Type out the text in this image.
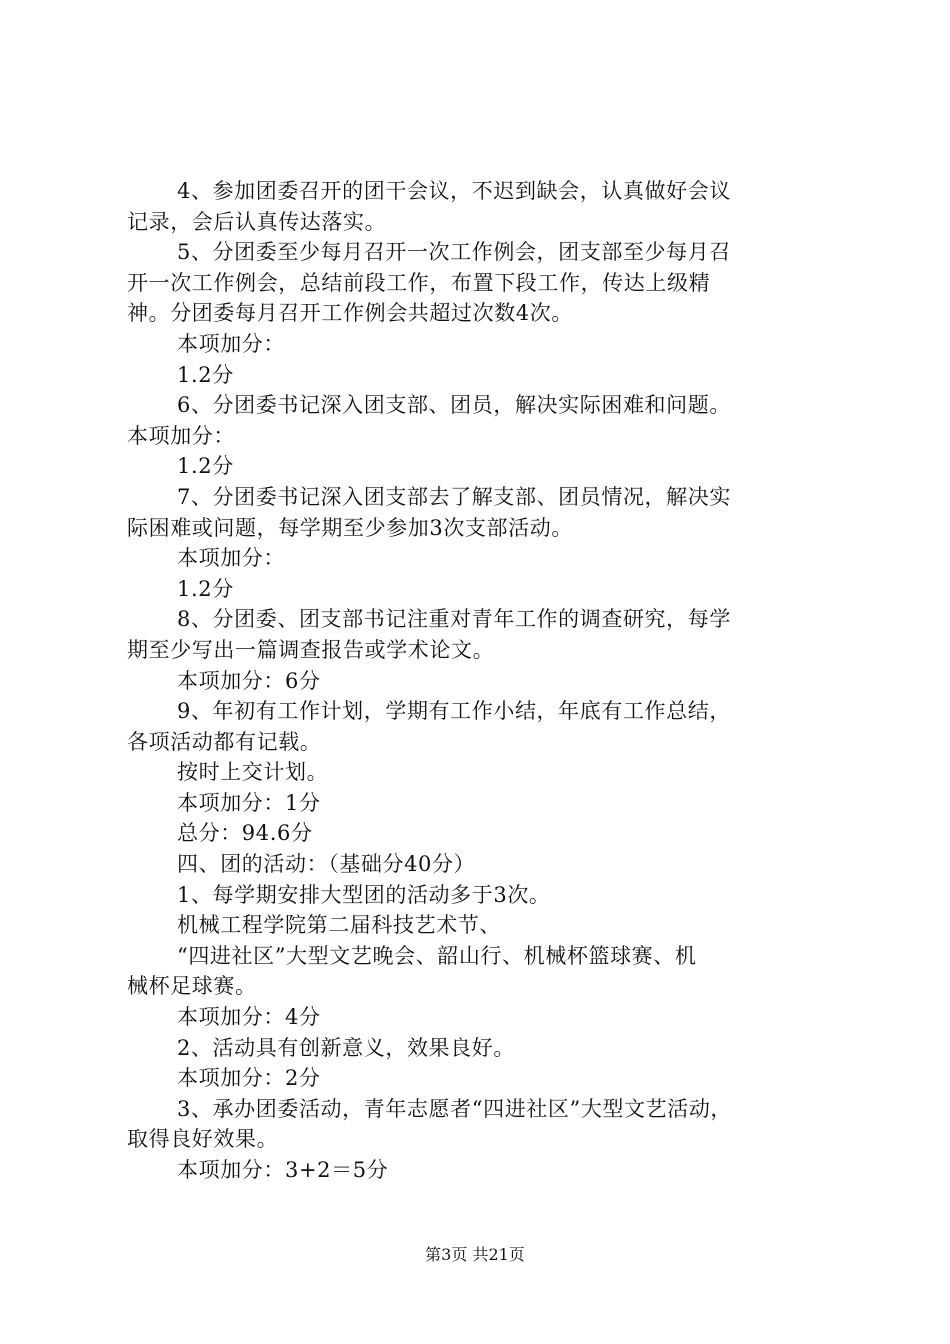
4、参加团委召开的团干会议，不迟到缺会，认真做好会议
记录，会后认真传达落实。
5、分团委至少每月召开一次工作例会，团支部至少每月召
开一次工作例会，总结前段工作，布置下段工作，传达上级精
神。分团委每月召开工作例会共超过次数4次。
本项加分：
1.2分
6、分团委书记深入团支部、团员，解决实际困难和问题。
本项加分：
1.2分
7、分团委书记深入团支部去了解支部、团员情况，解决实
际困难或问题，每学期至少参加3次支部活动。
本项加分：
1.2分
8、分团委、团支部书记注重对青年工作的调查研究，每学
期至少写出一篇调查报告或学术论文。
本项加分：6分
9、年初有工作计划，学期有工作小结，年底有工作总结，
各项活动都有记载。
按时上交计划。
本项加分：1分
总分：94.6分
四、团的活动：（基础分40分）
1、每学期安排大型团的活动多于3次。
机械工程学院第二届科技艺术节、
“四进社区”大型文艺晚会、韶山行、机械杯篮球赛、机
械杯足球赛。
本项加分：4分
2、活动具有创新意义，效果良好。
本项加分：2分
3、承办团委活动，青年志愿者“四进社区”大型文艺活动，
取得良好效果。
本项加分：3+2＝5分
第3页 共21页
